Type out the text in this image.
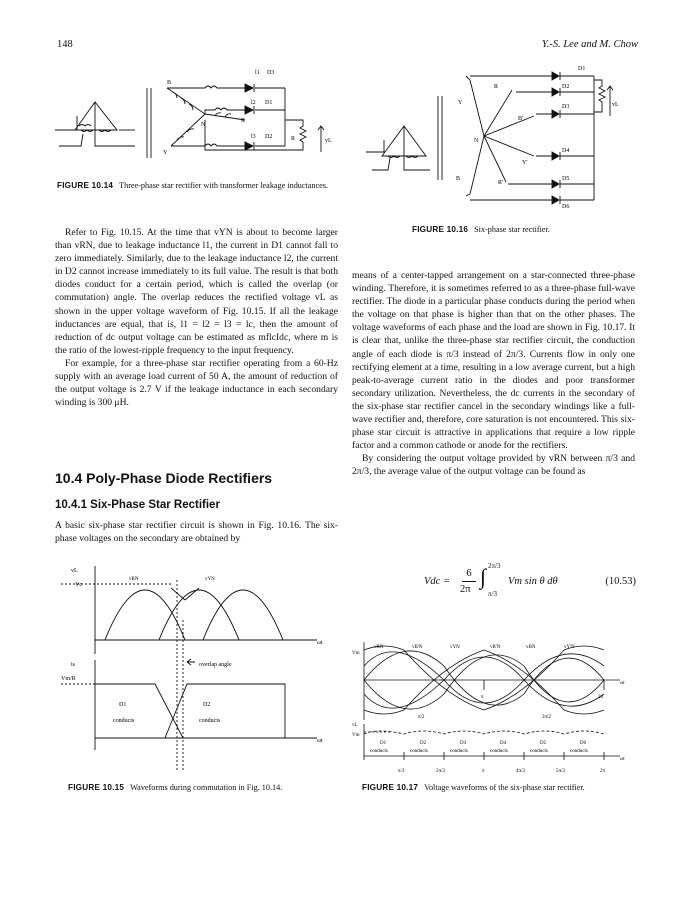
148	Y.-S. Lee and M. Chow
l1 D3
B
l2 D1
R
N
l3 D2
Y
R	vL
FIGURE 10.14 Three-phase star rectifier with transformer leakage inductances.
D1
D2
D3
D4
D5
D6
R
Y
B'
N
Y'
B
R'
vL
FIGURE 10.16 Six-phase star rectifier.

Refer to Fig. 10.15. At the time that vYN is about to become larger than vRN, due to leakage inductance l1, the current in D1 cannot fall to zero immediately. Similarly, due to the leakage inductance l2, the current in D2 cannot increase immediately to its full value. The result is that both diodes conduct for a certain period, which is called the overlap (or commutation) angle. The overlap reduces the rectified voltage vL as shown in the upper voltage waveform of Fig. 10.15. If all the leakage inductances are equal, that is, l1 = l2 = l3 = lc, then the amount of reduction of dc output voltage can be estimated as mflcIdc, where m is the ratio of the lowest-ripple frequency to the input frequency.

For example, for a three-phase star rectifier operating from a 60-Hz supply with an average load current of 50 A, the amount of reduction of the output voltage is 2.7 V if the leakage inductance in each secondary winding is 300 μH.

10.4 Poly-Phase Diode Rectifiers
10.4.1 Six-Phase Star Rectifier

A basic six-phase star rectifier circuit is shown in Fig. 10.16. The six-phase voltages on the secondary are obtained by

means of a center-tapped arrangement on a star-connected three-phase winding. Therefore, it is sometimes referred to as a three-phase full-wave rectifier. The diode in a particular phase conducts during the period when the voltage on that phase is higher than that on the other phases. The voltage waveforms of each phase and the load are shown in Fig. 10.17. It is clear that, unlike the three-phase star rectifier circuit, the conduction angle of each diode is π/3 instead of 2π/3. Currents flow in only one rectifying element at a time, resulting in a low average current, but a high peak-to-average current ratio in the diodes and poor transformer secondary utilization. Nevertheless, the dc currents in the secondary of the six-phase star rectifier cancel in the secondary windings like a full-wave rectifier and, therefore, core saturation is not encountered. This six-phase star circuit is attractive in applications that require a low ripple factor and a common cathode or anode for the rectifiers.

By considering the output voltage provided by vRN between π/3 and 2π/3, the average value of the output voltage can be found as

Vdc =
6
2π
∫ 2π/3
π/3
Vm sin θ dθ	(10.53)
vL
Vc
vRN	vYN
ωt
is
Vm/R
overlap angle
D1	D2
conducts	conducts
ωt
FIGURE 10.15 Waveforms during commutation in Fig. 10.14.
vRN	vB'N	vYN	vR'N	vBN	vY'N
Vm
ωt
π	2π
π/2	3π/2
vL
Vm
ωt
D1	D2	D3	D4	D5	D6
conducts	conducts	conducts	conducts	conducts	conducts
π/3	2π/3	π	4π/3	5π/3	2π
FIGURE 10.17 Voltage waveforms of the six-phase star rectifier.
